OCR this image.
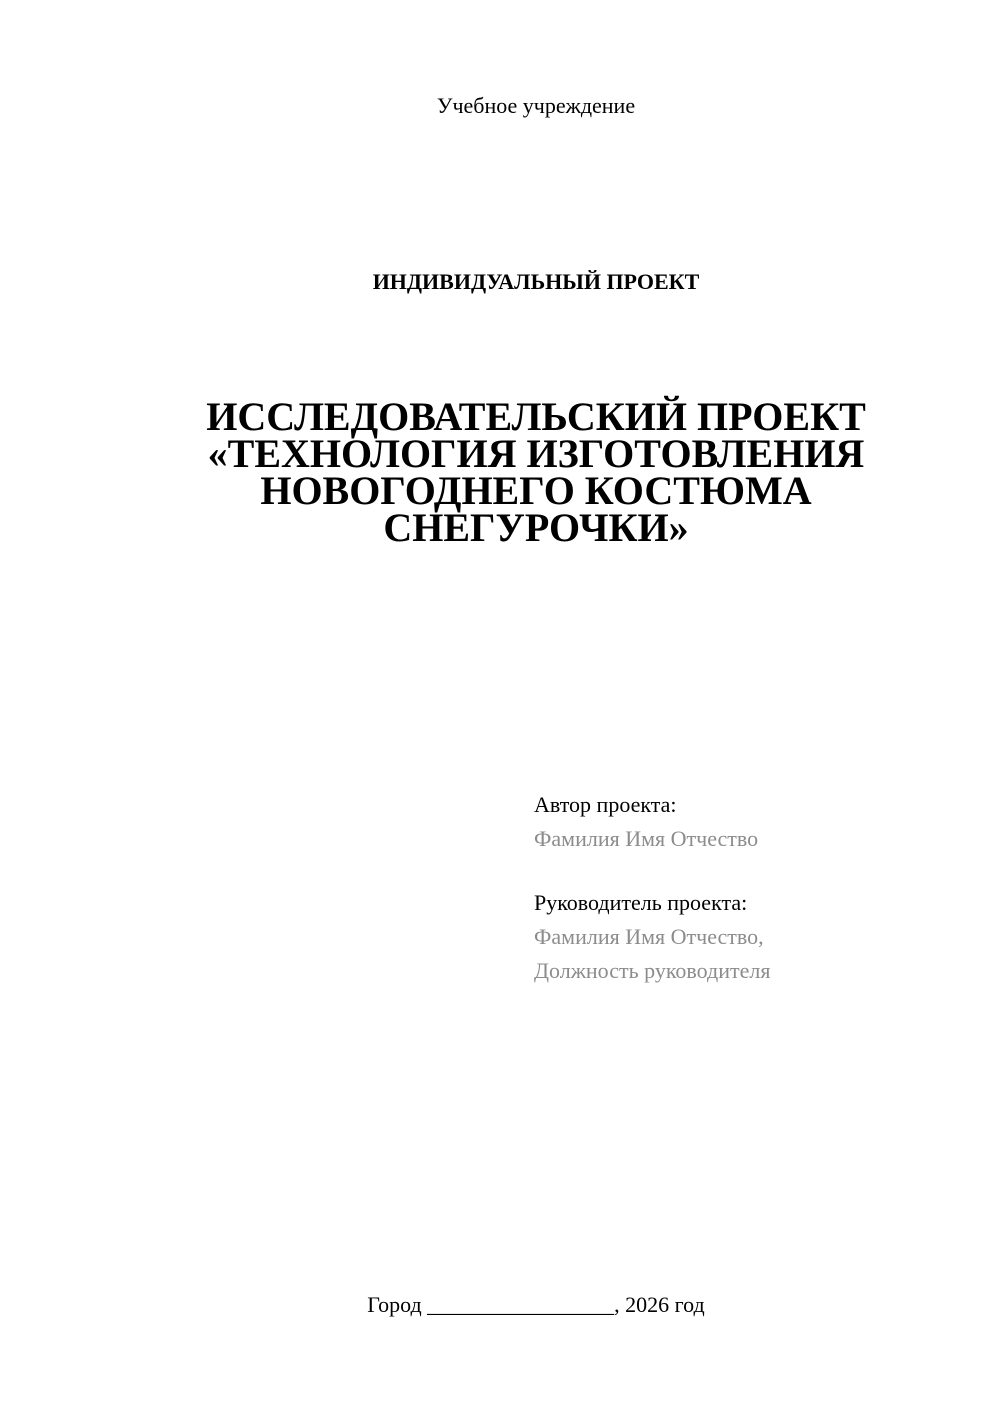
Учебное учреждение
ИНДИВИДУАЛЬНЫЙ ПРОЕКТ
ИССЛЕДОВАТЕЛЬСКИЙ ПРОЕКТ
«ТЕХНОЛОГИЯ ИЗГОТОВЛЕНИЯ
НОВОГОДНЕГО КОСТЮМА
СНЕГУРОЧКИ»
Автор проекта:
Фамилия Имя Отчество
Руководитель проекта:
Фамилия Имя Отчество,
Должность руководителя
Город _________________, 2026 год
